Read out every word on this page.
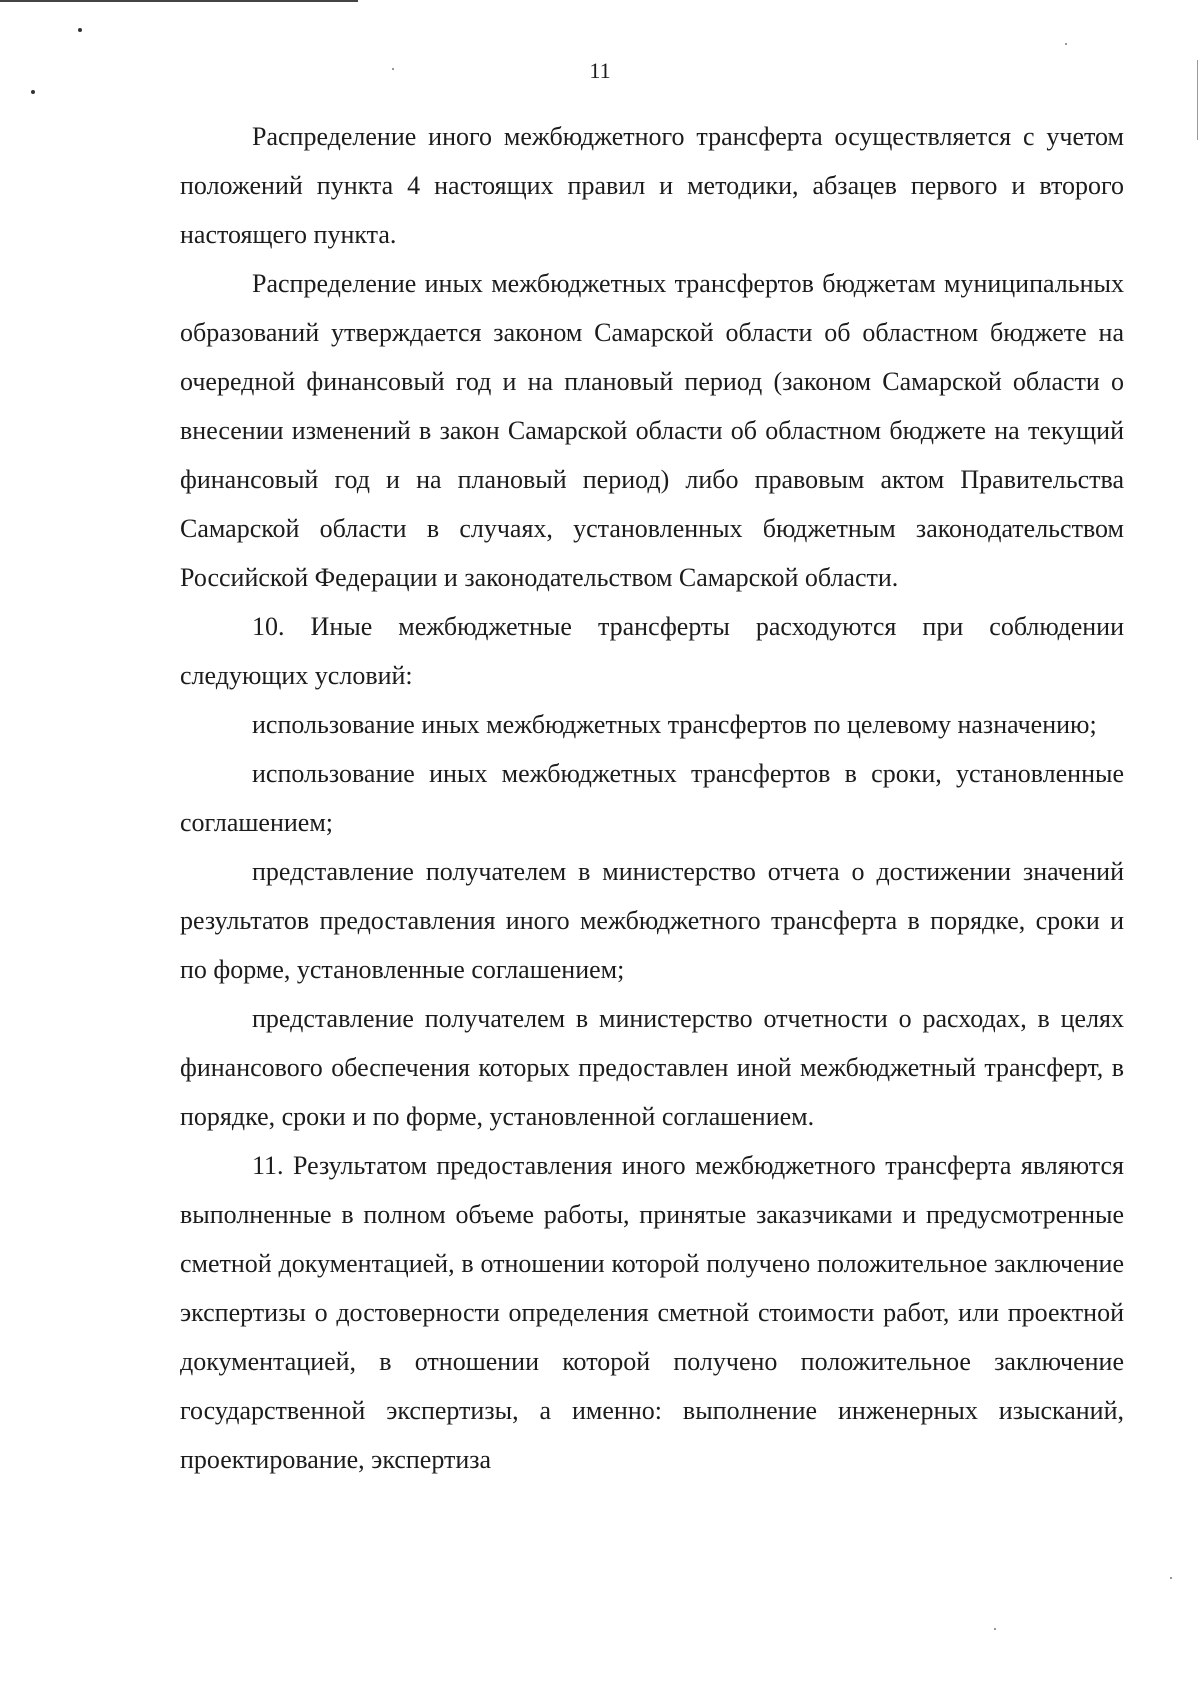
11

Распределение иного межбюджетного трансферта осуществляется с учетом положений пункта 4 настоящих правил и методики, абзацев первого и второго настоящего пункта.

Распределение иных межбюджетных трансфертов бюджетам муниципальных образований утверждается законом Самарской области об областном бюджете на очередной финансовый год и на плановый период (законом Самарской области о внесении изменений в закон Самарской области об областном бюджете на текущий финансовый год и на плановый период) либо правовым актом Правительства Самарской области в случаях, установленных бюджетным законодательством Российской Федерации и законодательством Самарской области.

10. Иные межбюджетные трансферты расходуются при соблюдении следующих условий:

использование иных межбюджетных трансфертов по целевому назначению;

использование иных межбюджетных трансфертов в сроки, установленные соглашением;

представление получателем в министерство отчета о достижении значений результатов предоставления иного межбюджетного трансферта в порядке, сроки и по форме, установленные соглашением;

представление получателем в министерство отчетности о расходах, в целях финансового обеспечения которых предоставлен иной межбюджетный трансферт, в порядке, сроки и по форме, установленной соглашением.

11. Результатом предоставления иного межбюджетного трансферта являются выполненные в полном объеме работы, принятые заказчиками и предусмотренные сметной документацией, в отношении которой получено положительное заключение экспертизы о достоверности определения сметной стоимости работ, или проектной документацией, в отношении которой получено положительное заключение государственной экспертизы, а именно: выполнение инженерных изысканий, проектирование, экспертиза
